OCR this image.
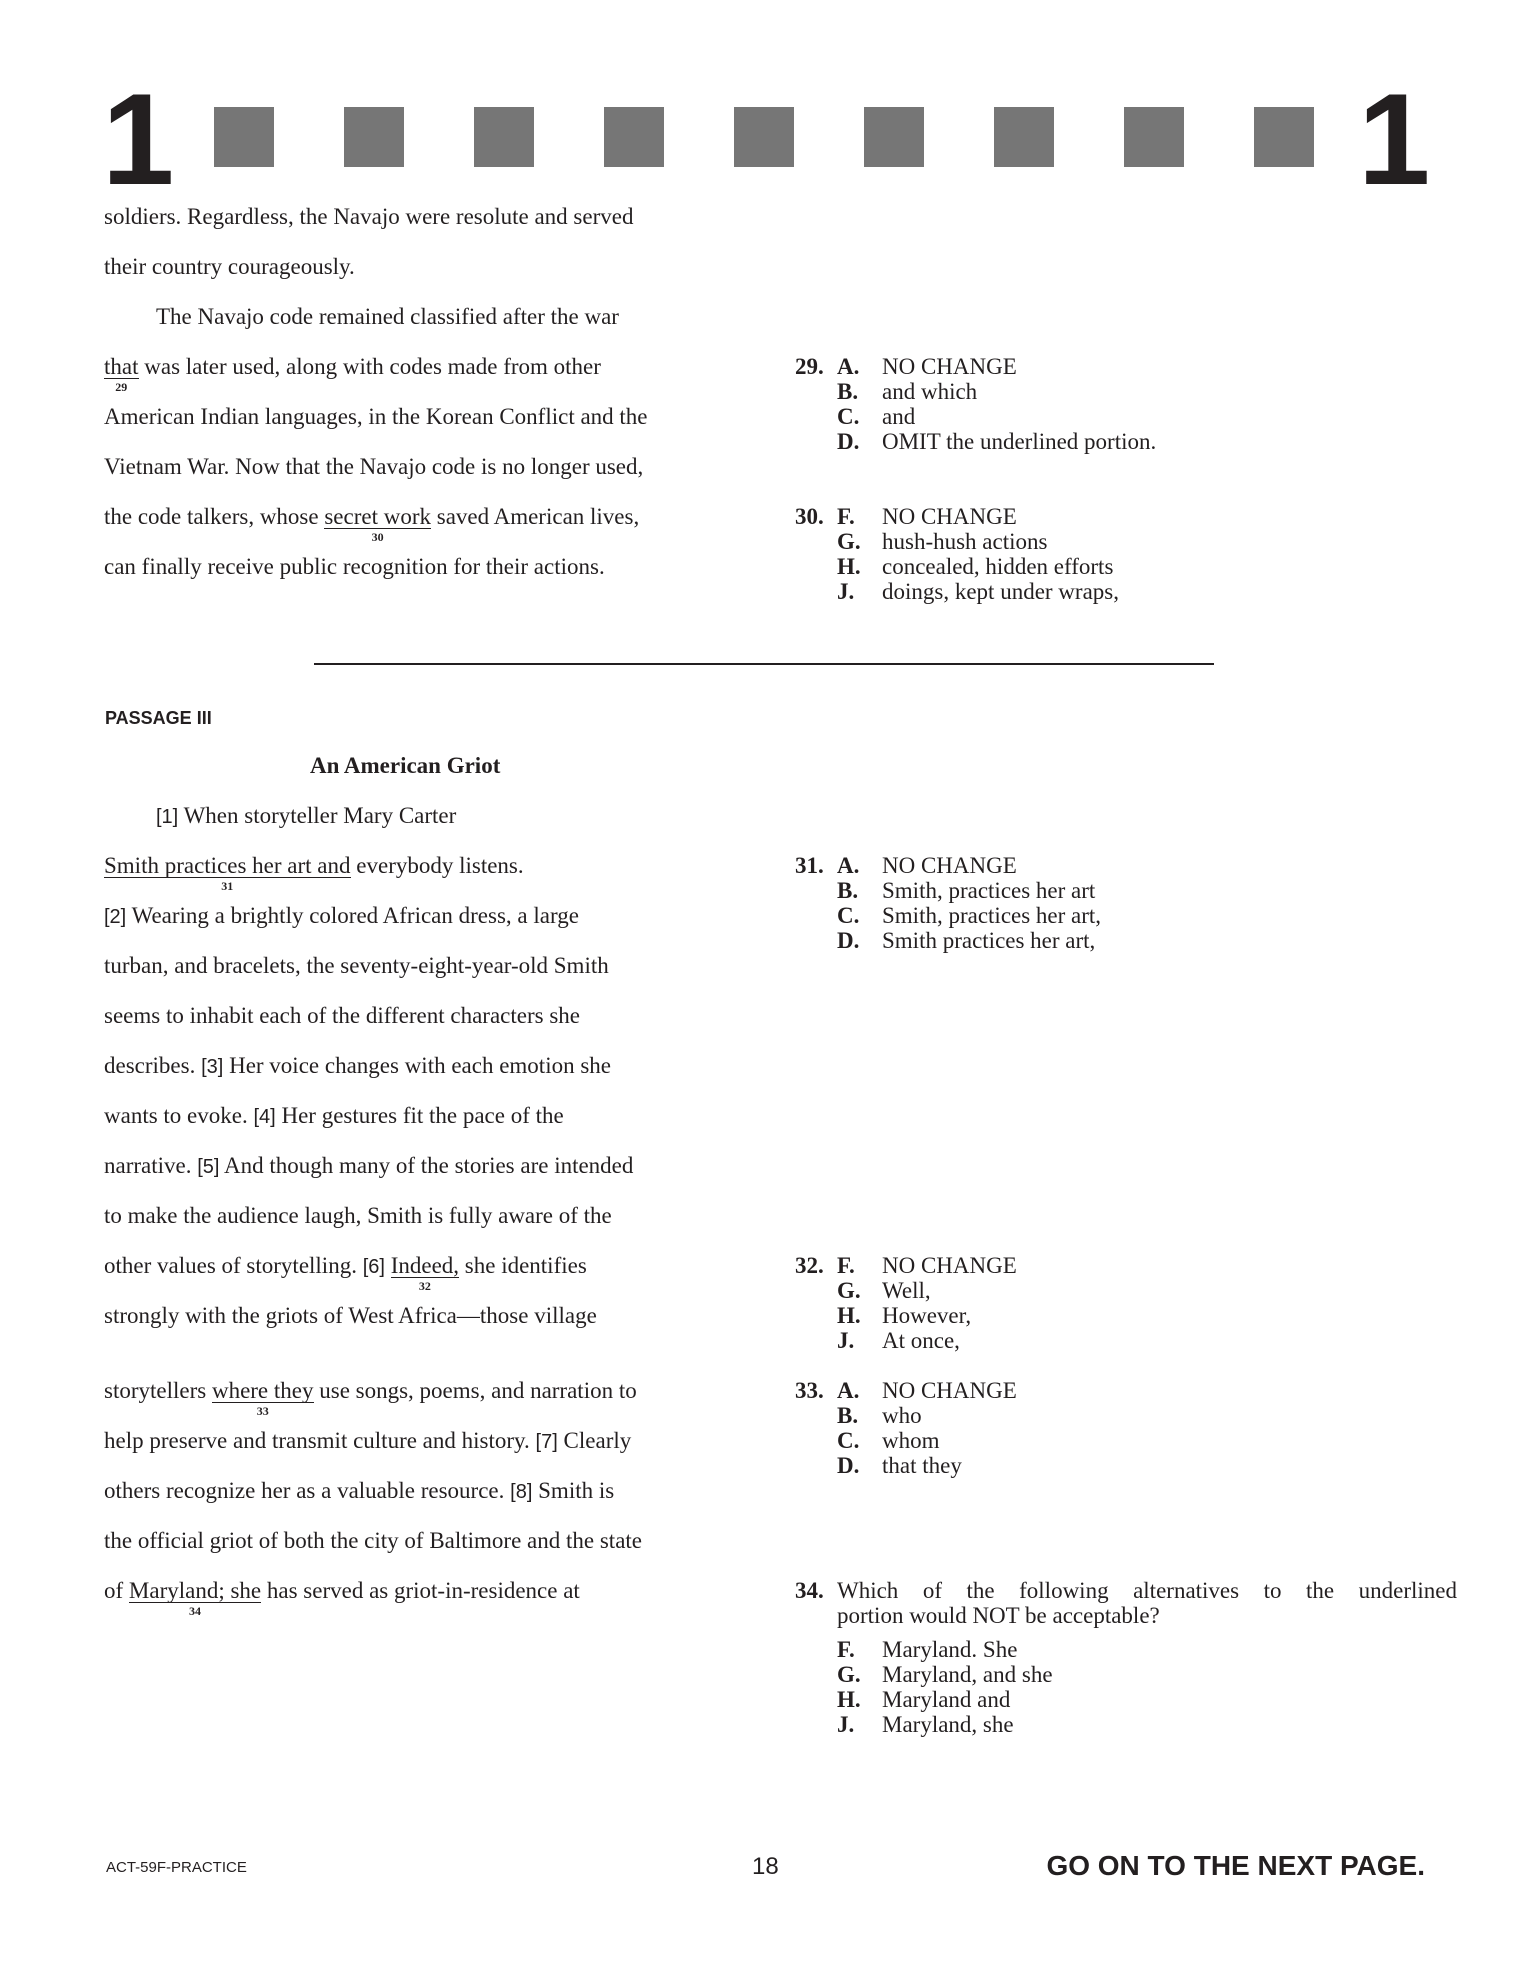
1	1
soldiers. Regardless, the Navajo were resolute and served
their country courageously.
The Navajo code remained classified after the war
that
29
was later used, along with codes made from other
American Indian languages, in the Korean Conflict and the
Vietnam War. Now that the Navajo code is no longer used,
the code talkers, whose secret work
30
saved American lives,
can finally receive public recognition for their actions.
29. A. NO CHANGE
B.	and which
C. and
D. OMIT the underlined portion.
30. F.	NO CHANGE
G. hush-hush actions
H. concealed, hidden efforts
J.	doings, kept under wraps,
PASSAGE III
An American Griot
[1] When storyteller Mary Carter
Smith practices her art and
31
everybody listens.
[2] Wearing a brightly colored African dress, a large
turban, and bracelets, the seventy-eight-year-old Smith
seems to inhabit each of the different characters she
describes. [3] Her voice changes with each emotion she
wants to evoke. [4] Her gestures fit the pace of the
narrative. [5] And though many of the stories are intended
to make the audience laugh, Smith is fully aware of the
other values of storytelling. [6] Indeed,
32
she identifies
strongly with the griots of West Africa—those village
storytellers where they
33
use songs, poems, and narration to
help preserve and transmit culture and history. [7] Clearly
others recognize her as a valuable resource. [8] Smith is
the official griot of both the city of Baltimore and the state
of Maryland; she
34
has served as griot-in-residence at
31. A. NO CHANGE
B.	Smith, practices her art
C. Smith, practices her art,
D. Smith practices her art,
32. F.	NO CHANGE
G. Well,
H. However,
J.	At once,
33. A. NO CHANGE
B.	who
C. whom
D. that they
34. Which of the following alternatives to the underlined
portion would NOT be acceptable?
F.	Maryland. She
G. Maryland, and she
H. Maryland and
J.	Maryland, she
ACT-59F-PRACTICE	18	GO ON TO THE NEXT PAGE.
